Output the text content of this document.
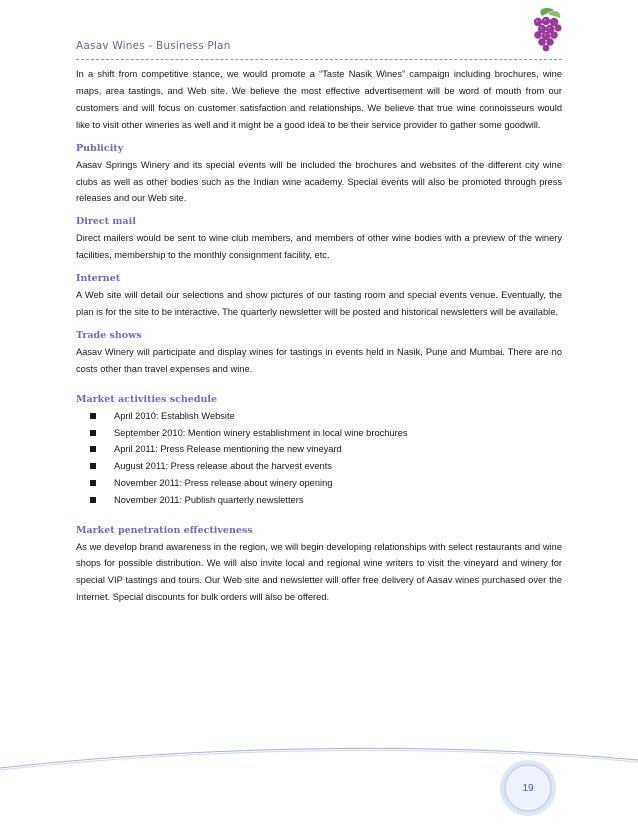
Aasav Wines - Business Plan

In a shift from competitive stance, we would promote a “Taste Nasik Wines” campaign including brochures, wine maps, area tastings, and Web site. We believe the most effective advertisement will be word of mouth from our customers and will focus on customer satisfaction and relationships. We believe that true wine connoisseurs would like to visit other wineries as well and it might be a good idea to be their service provider to gather some goodwill.

Publicity

Aasav Springs Winery and its special events will be included the brochures and websites of the different city wine clubs as well as other bodies such as the Indian wine academy. Special events will also be promoted through press releases and our Web site.

Direct mail

Direct mailers would be sent to wine club members, and members of other wine bodies with a preview of the winery facilities, membership to the monthly consignment facility, etc.

Internet

A Web site will detail our selections and show pictures of our tasting room and special events venue. Eventually, the plan is for the site to be interactive. The quarterly newsletter will be posted and historical newsletters will be available.

Trade shows

Aasav Winery will participate and display wines for tastings in events held in Nasik, Pune and Mumbai. There are no costs other than travel expenses and wine.

Market activities schedule
April 2010: Establish Website
September 2010: Mention winery establishment in local wine brochures
April 2011: Press Release mentioning the new vineyard
August 2011: Press release about the harvest events
November 2011: Press release about winery opening
November 2011: Publish quarterly newsletters
Market penetration effectiveness

As we develop brand awareness in the region, we will begin developing relationships with select restaurants and wine shops for possible distribution. We will also invite local and regional wine writers to visit the vineyard and winery for special VIP tastings and tours. Our Web site and newsletter will offer free delivery of Aasav wines purchased over the Internet. Special discounts for bulk orders will also be offered.

19
